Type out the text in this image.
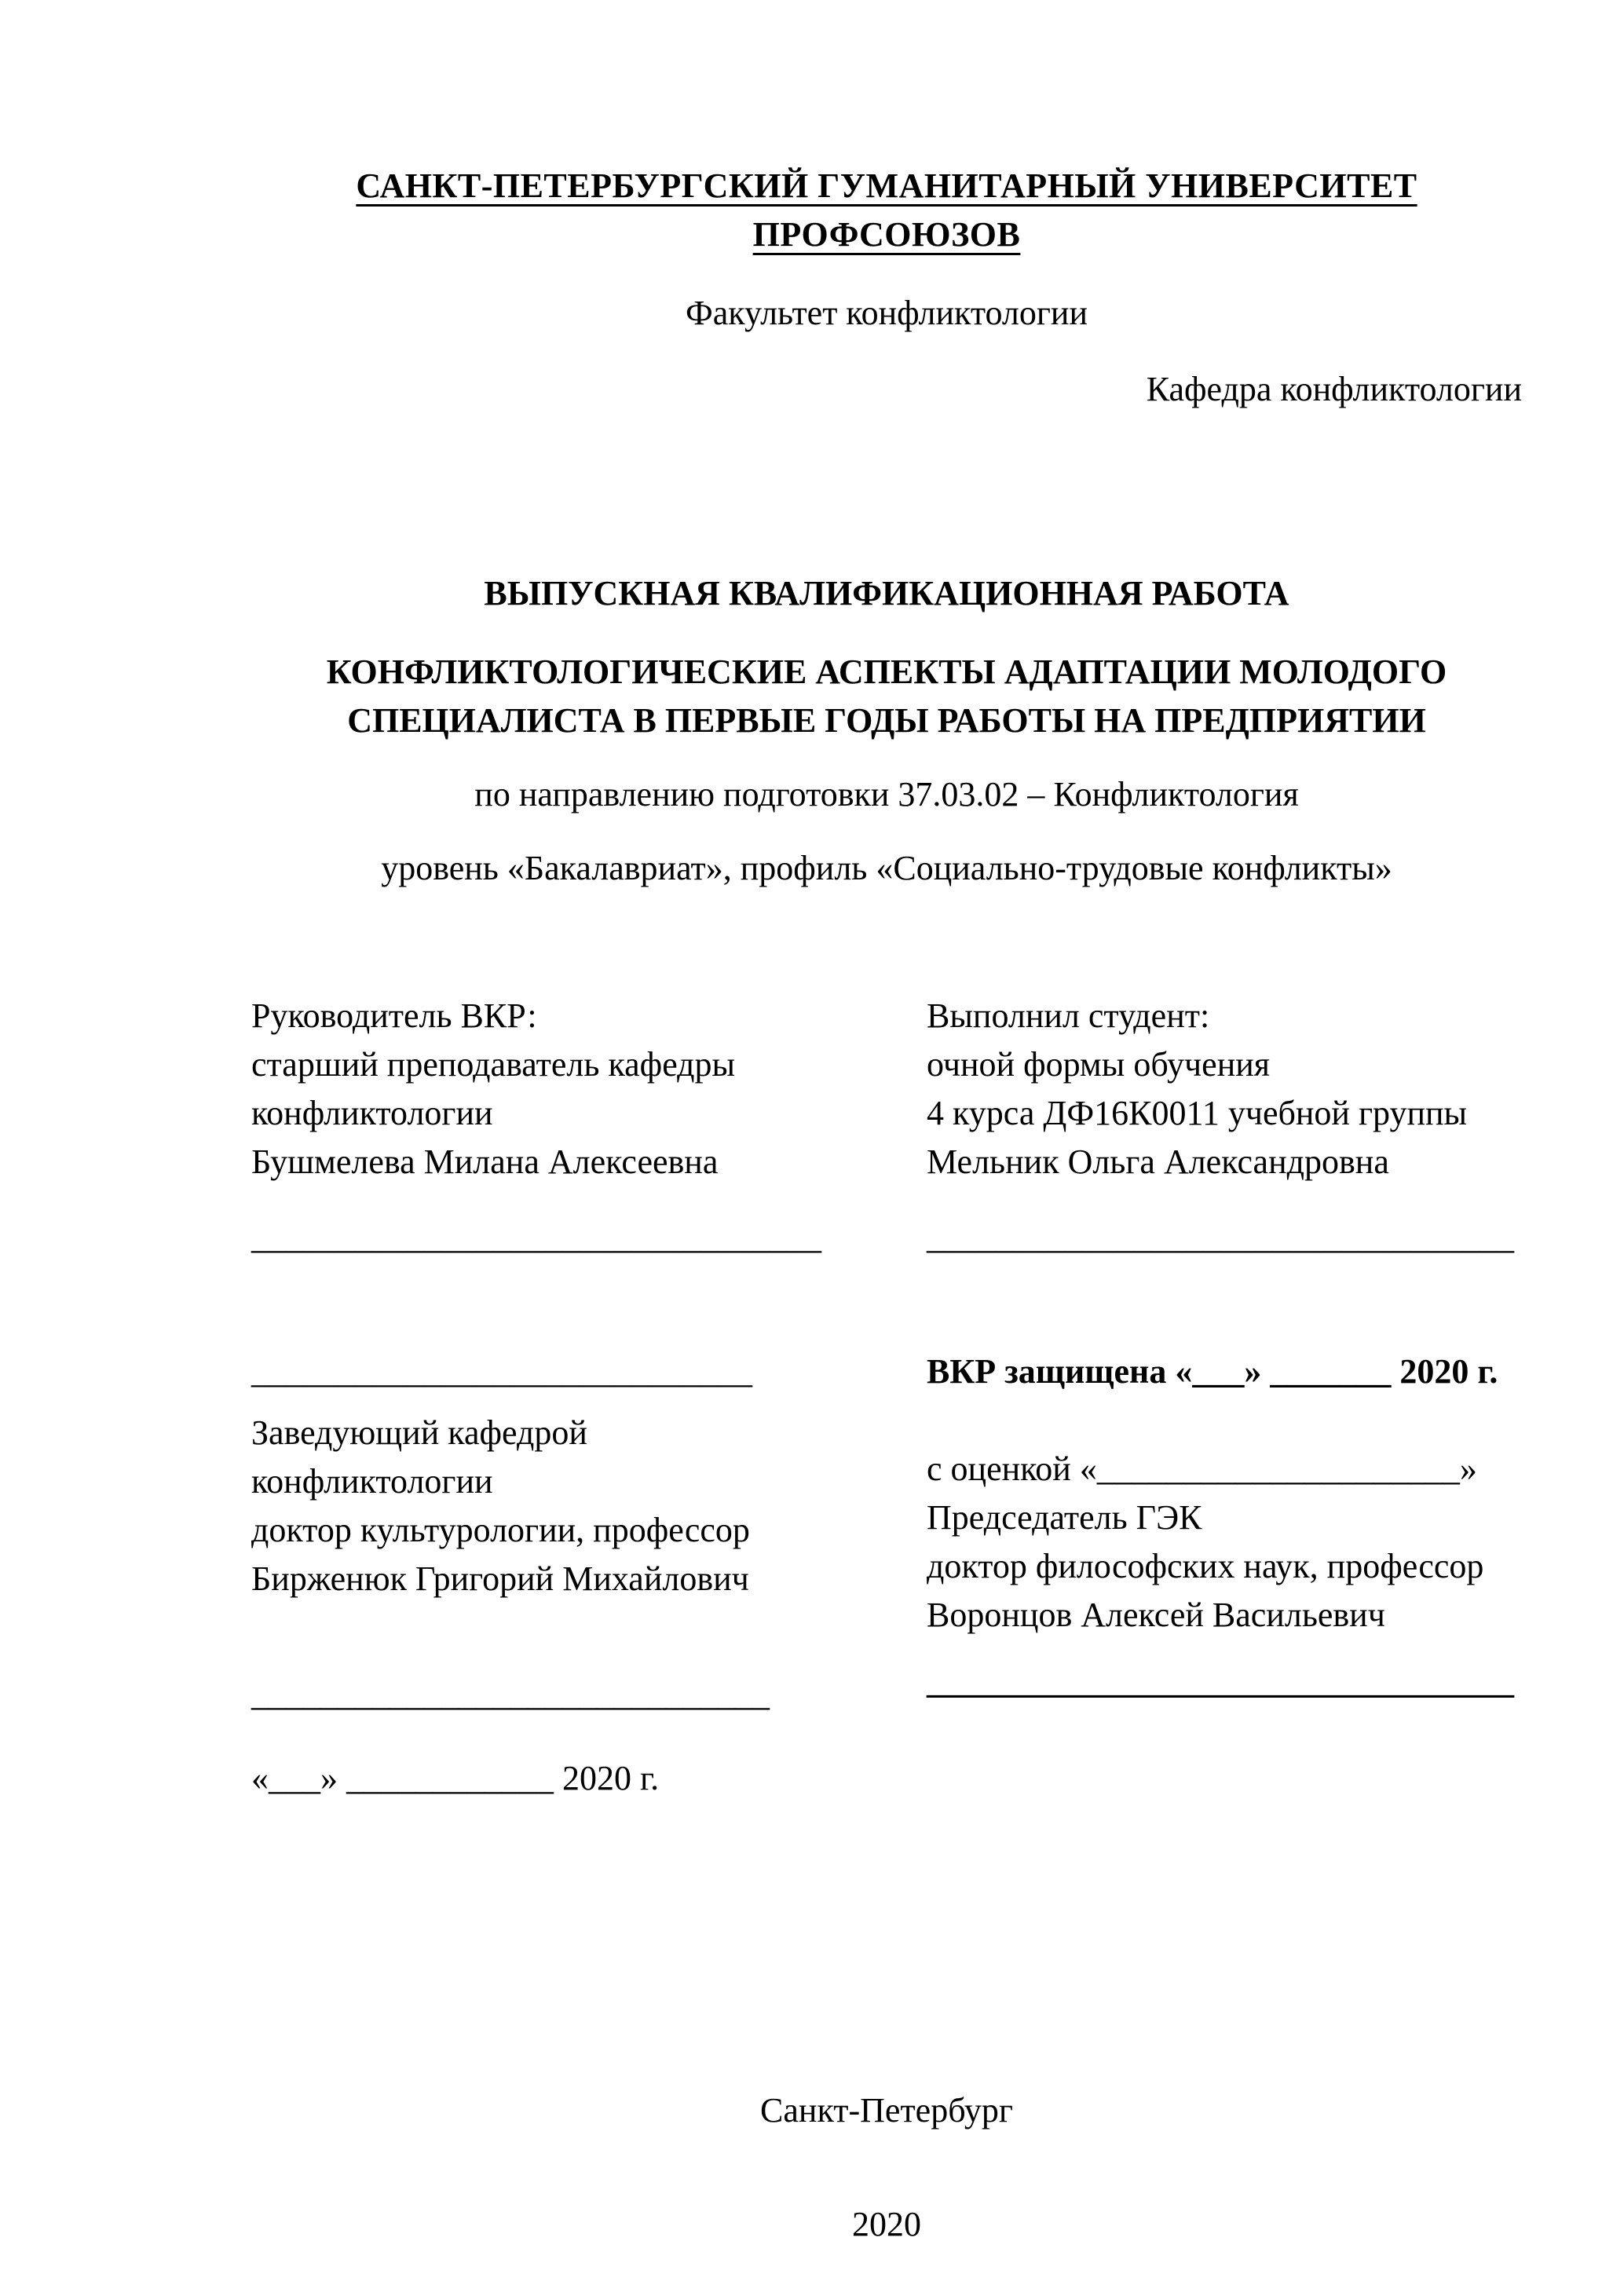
САНКТ-ПЕТЕРБУРГСКИЙ ГУМАНИТАРНЫЙ УНИВЕРСИТЕТ ПРОФСОЮЗОВ
Факультет конфликтологии
Кафедра конфликтологии
ВЫПУСКНАЯ КВАЛИФИКАЦИОННАЯ РАБОТА
КОНФЛИКТОЛОГИЧЕСКИЕ АСПЕКТЫ АДАПТАЦИИ МОЛОДОГО СПЕЦИАЛИСТА В ПЕРВЫЕ ГОДЫ РАБОТЫ НА ПРЕДПРИЯТИИ
по направлению подготовки 37.03.02 – Конфликтология
уровень «Бакалавриат», профиль «Социально-трудовые конфликты»
Руководитель ВКР:
старший преподаватель кафедры
конфликтологии
Бушмелева Милана Алексеевна
_________________________________
Выполнил студент:
очной формы обучения
4 курса ДФ16К0011 учебной группы
Мельник Ольга Александровна
__________________________________
_____________________________
Заведующий кафедрой
конфликтологии
доктор культурологии, профессор
Бирженюк Григорий Михайлович
______________________________
«___» ____________ 2020 г.
ВКР защищена «___» _______ 2020 г.
с оценкой «_____________________»
Председатель ГЭК
доктор философских наук, профессор
Воронцов Алексей Васильевич
__________________________________
Санкт-Петербург
2020
